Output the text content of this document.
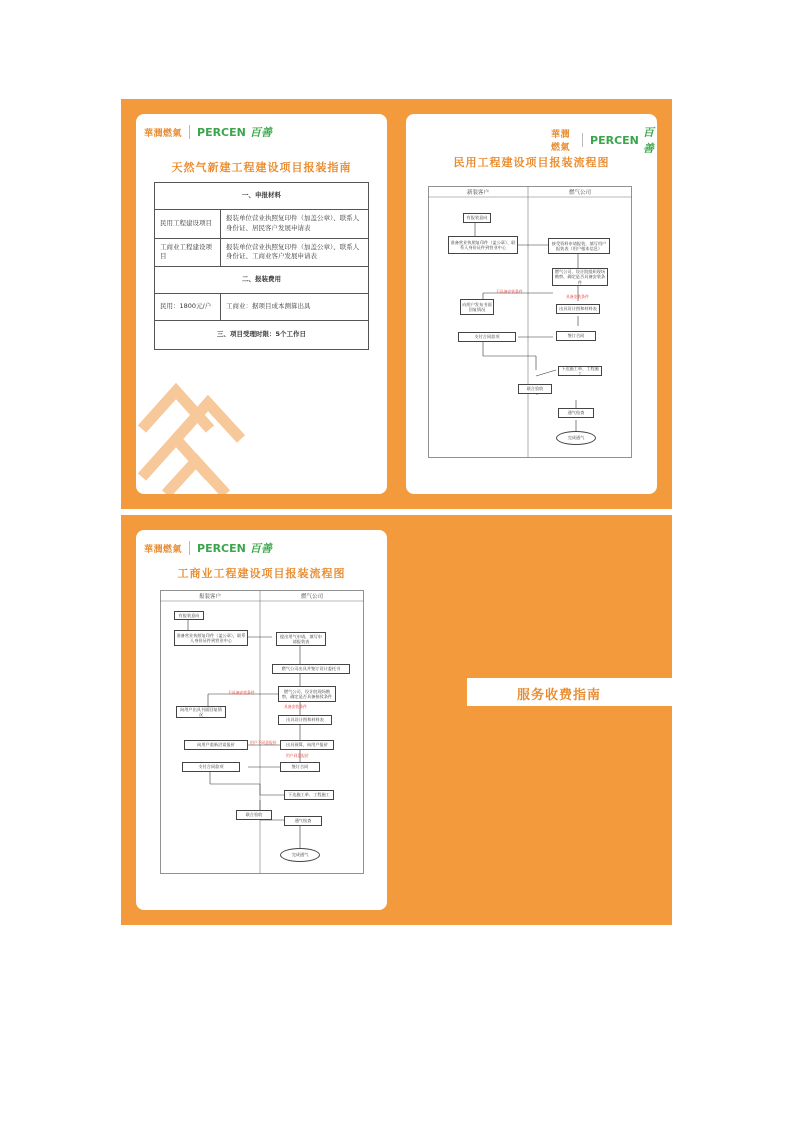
華潤燃氣 PERCEN 百善
天然气新建工程建设项目报装指南
一、申报材料	
民用工程建设项目	报装单位营业执照复印件（加盖公章）、联系人身份证、居民客户发展申请表
工商业工程建设项目	报装单位营业执照复印件（加盖公章）、联系人身份证、工商业客户发展申请表
二、报装费用	
民用：1800元/户	工商业：据项目成本测算出具
三、项目受理时限：5个工作日	
華潤燃氣
PERCEN
百善
民用工程建设项目报装流程图
新装客户	燃气公司
有报装意向
准备营业执照复印件（盖公章）、联系人身份证件到营业中心
接受资料申请报装，填写用户报装表（用户根本信息）
燃气公司、设计院组织现场勘察，确定是否具备安装条件
不具备安装条件
具备安装条件
向用户发布书面回复情况	出具设计图和材料表
签订合同
支付合同款项
下达施工单、工程施工
联合验收
通气检查
完成通气
華潤燃氣 PERCEN 百善
工商业工程建设项目报装流程图
报装客户	燃气公司
有报装意向
准备营业执照复印件（盖公章），联系人身份证件到营业中心
提出用气申请，填写申请报装表
燃气公司出具并签订设计委托书
燃气公司、设计院现场勘察，确定是否具备接驳条件
不具备安装条件
具备安装条件
向用户出具书面回复情况
出具设计图和材料表
用户不同意报价
向用户重新洽谈报价	出具预算，向用户报价
用户同意报价
签订合同
支付合同款项
下达施工单、工程施工
联合验收
通气检查
完成通气
服务收费指南
